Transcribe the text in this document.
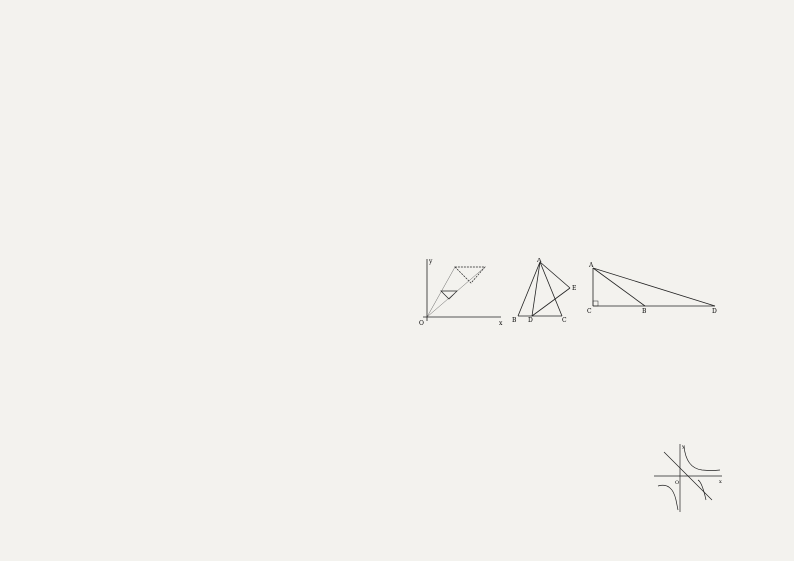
O	x
y	A
B	C
E
D
A
C	B	D
O	x
y
